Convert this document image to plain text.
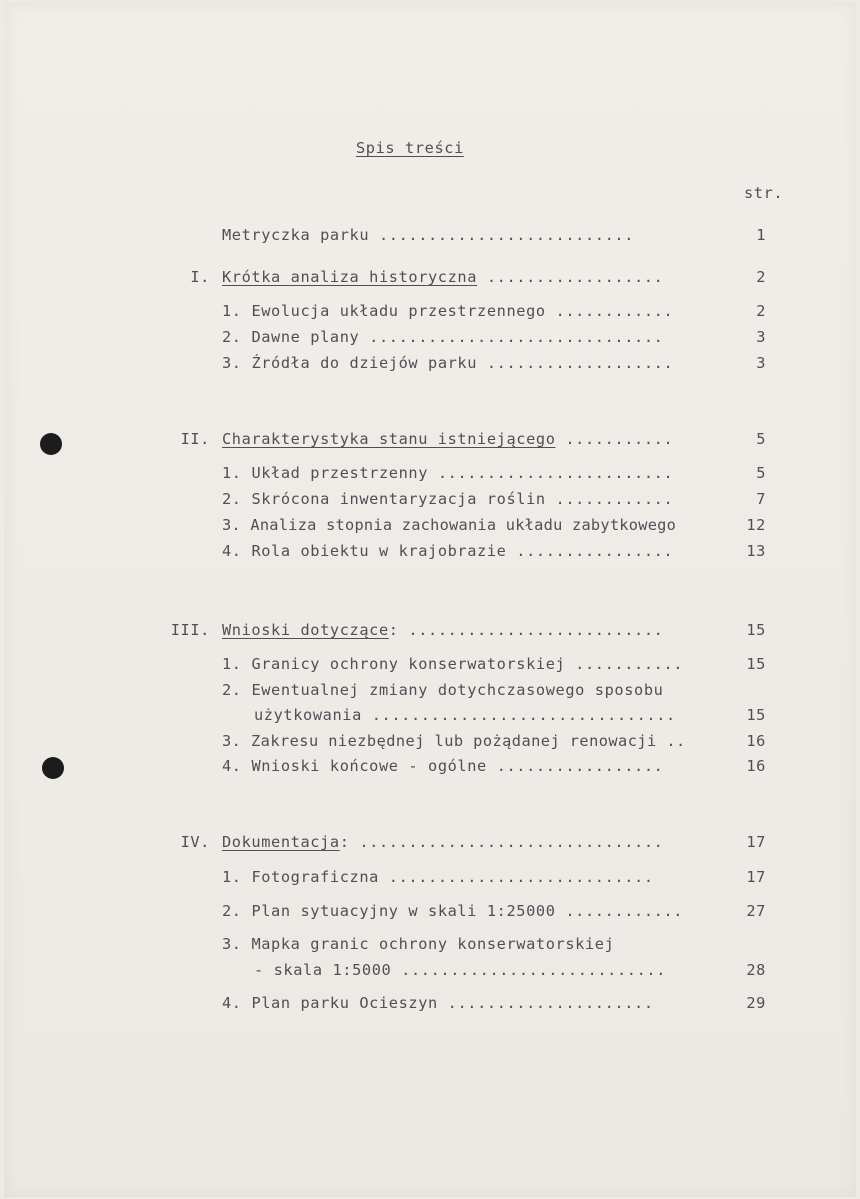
Spis treści
str.
Metryczka parku ..........................	1
I. Krótka analiza historyczna ..................	2
1. Ewolucja układu przestrzennego ............	2
2. Dawne plany ..............................	3
3. Źródła do dziejów parku ...................	3
II. Charakterystyka stanu istniejącego ...........	5
1. Układ przestrzenny ........................	5
2. Skrócona inwentaryzacja roślin ............	7
3. Analiza stopnia zachowania układu zabytkowego	12
4. Rola obiektu w krajobrazie ................	13
III. Wnioski dotyczące: ..........................	15
1. Granicy ochrony konserwatorskiej ...........	15
2. Ewentualnej zmiany dotychczasowego sposobu
użytkowania ...............................	15
3. Zakresu niezbędnej lub pożądanej renowacji ..	16
4. Wnioski końcowe - ogólne .................	16
IV. Dokumentacja: ...............................	17
1. Fotograficzna ...........................	17
2. Plan sytuacyjny w skali 1:25000 ............	27
3. Mapka granic ochrony konserwatorskiej
- skala 1:5000 ...........................	28
4. Plan parku Ocieszyn .....................	29
